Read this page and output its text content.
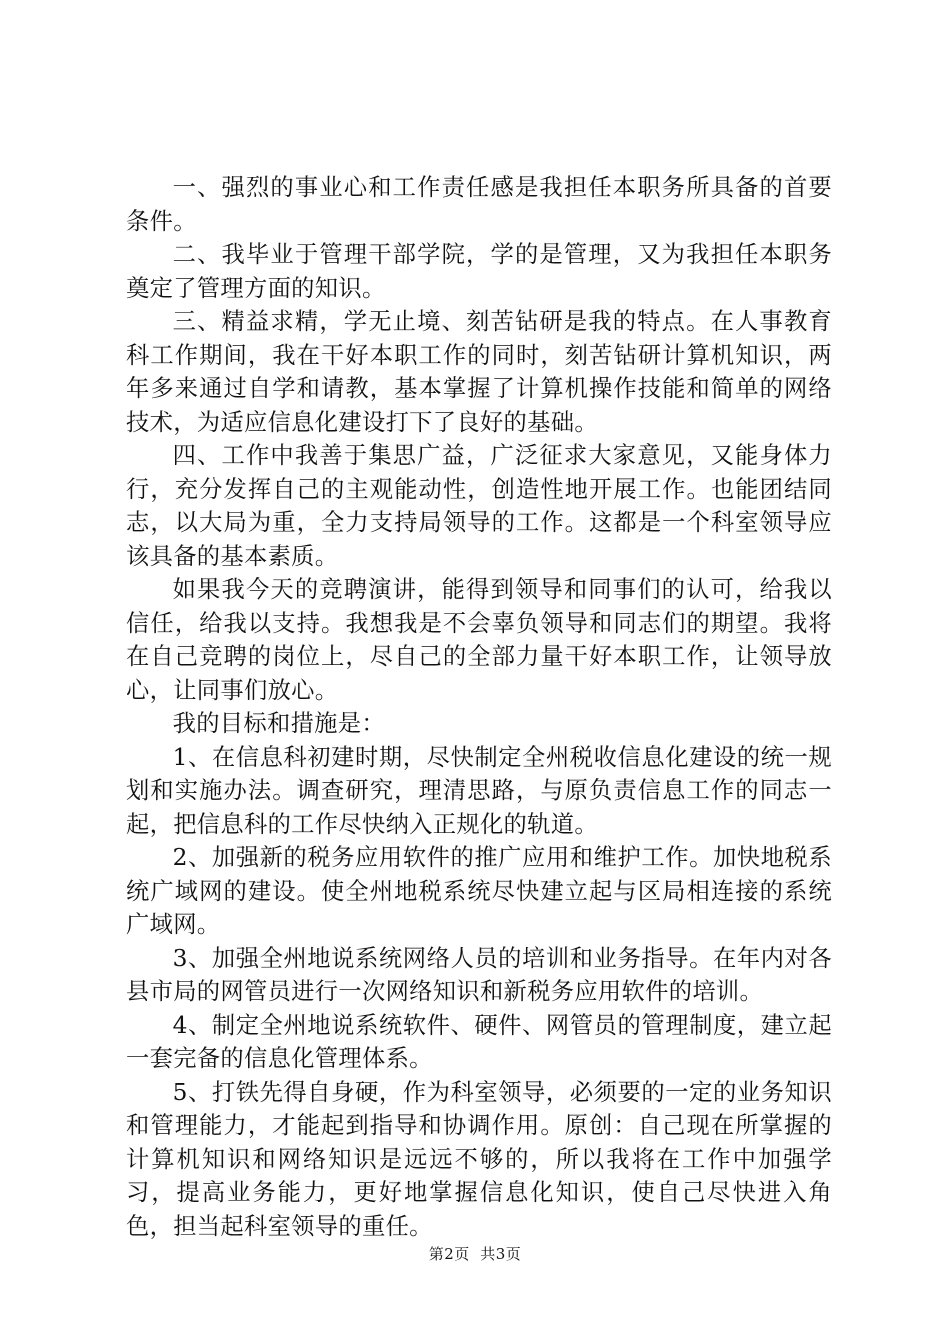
一、强烈的事业心和工作责任感是我担任本职务所具备的首要条件。

二、我毕业于管理干部学院，学的是管理，又为我担任本职务奠定了管理方面的知识。

三、精益求精，学无止境、刻苦钻研是我的特点。在人事教育科工作期间，我在干好本职工作的同时，刻苦钻研计算机知识，两年多来通过自学和请教，基本掌握了计算机操作技能和简单的网络技术，为适应信息化建设打下了良好的基础。

四、工作中我善于集思广益，广泛征求大家意见，又能身体力行，充分发挥自己的主观能动性，创造性地开展工作。也能团结同志，以大局为重，全力支持局领导的工作。这都是一个科室领导应该具备的基本素质。

如果我今天的竞聘演讲，能得到领导和同事们的认可，给我以信任，给我以支持。我想我是不会辜负领导和同志们的期望。我将在自己竞聘的岗位上，尽自己的全部力量干好本职工作，让领导放心，让同事们放心。

我的目标和措施是：

1、在信息科初建时期，尽快制定全州税收信息化建设的统一规划和实施办法。调查研究，理清思路，与原负责信息工作的同志一起，把信息科的工作尽快纳入正规化的轨道。

2、加强新的税务应用软件的推广应用和维护工作。加快地税系统广域网的建设。使全州地税系统尽快建立起与区局相连接的系统广域网。

3、加强全州地说系统网络人员的培训和业务指导。在年内对各县市局的网管员进行一次网络知识和新税务应用软件的培训。

4、制定全州地说系统软件、硬件、网管员的管理制度，建立起一套完备的信息化管理体系。

5、打铁先得自身硬，作为科室领导，必须要的一定的业务知识和管理能力，才能起到指导和协调作用。原创：自己现在所掌握的计算机知识和网络知识是远远不够的，所以我将在工作中加强学习，提高业务能力，更好地掌握信息化知识，使自己尽快进入角色，担当起科室领导的重任。

第2页  共3页
